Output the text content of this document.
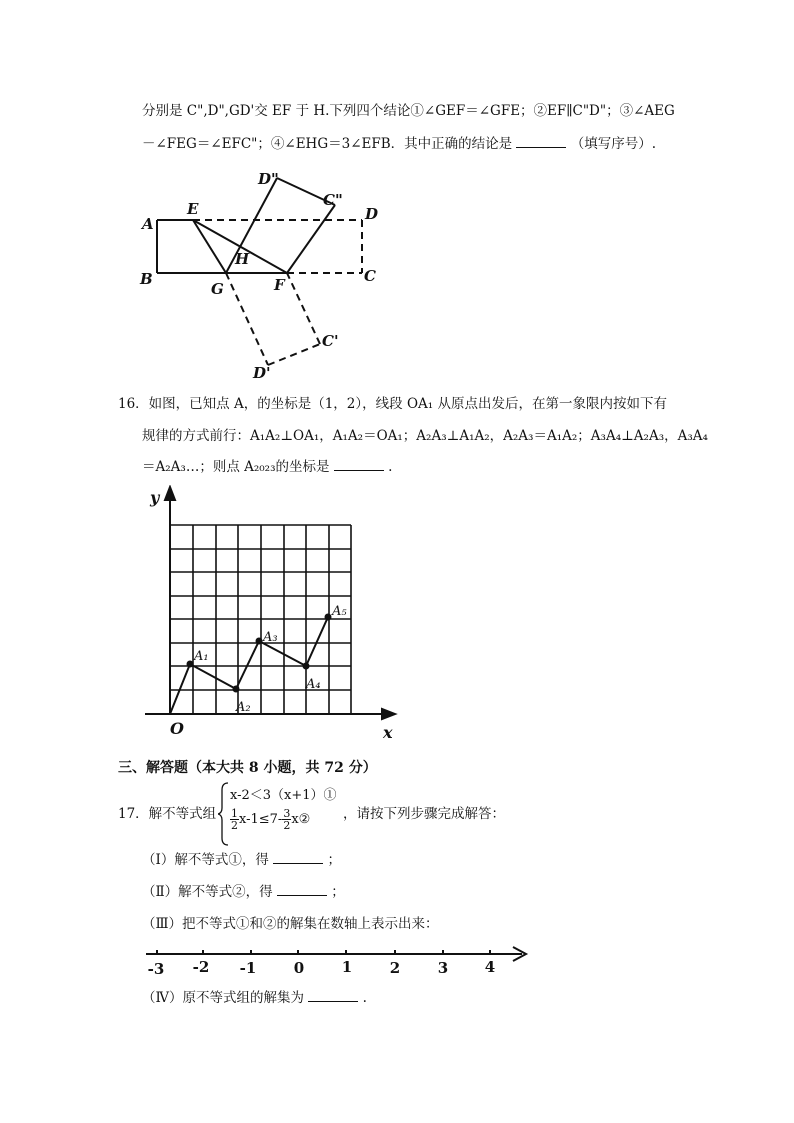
分别是 C",D",GD'交 EF 于 H.下列四个结论①∠GEF＝∠GFE；②EF∥C"D"；③∠AEG
－∠FEG＝∠EFC"；④∠EHG＝3∠EFB．其中正确的结论是	（填写序号）.
A
B
E
G
H
F
D
C
D"
C"
C'
D'
16．如图，已知点 A，的坐标是（1，2），线段 OA₁ 从原点出发后，在第一象限内按如下有
规律的方式前行：A₁A₂⊥OA₁，A₁A₂＝OA₁；A₂A₃⊥A₁A₂，A₂A₃＝A₁A₂；A₃A₄⊥A₂A₃，A₃A₄
＝A₂A₃…；则点 A₂₀₂₃的坐标是	.
y
x
O
A₁
A₂
A₃
A₄
A₅
三、解答题（本大共 8 小题，共 72 分）
17．解不等式组
x-2＜3（x+1）①
$\frac{1}{2} x-1\le 7- \frac{3}{2}$ x② ，请按下列步骤完成解答：
（Ⅰ）解不等式①，得	；
（Ⅱ）解不等式②，得	；
（Ⅲ）把不等式①和②的解集在数轴上表示出来：
-3 -2 -1 0	1	2	3 4
（Ⅳ）原不等式组的解集为	.
